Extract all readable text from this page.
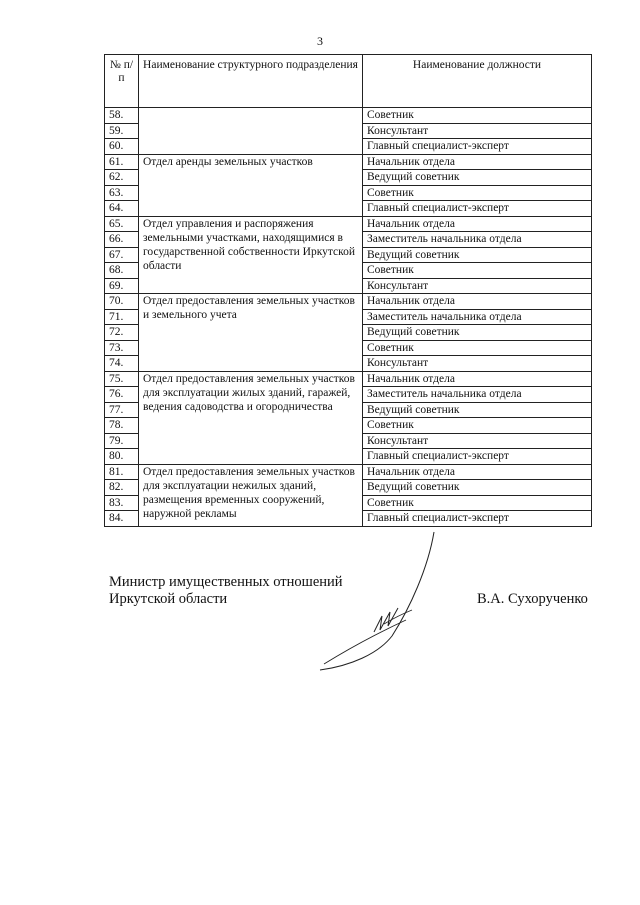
3
№ п/п	Наименование структурного подразделения	Наименование должности
58.		Советник
59.		Консультант
60.		Главный специалист-эксперт
61.	Отдел аренды земельных участков	Начальник отдела
62.		Ведущий советник
63.		Советник
64.		Главный специалист-эксперт
65.	Отдел управления и распоряжения земельными участками, находящимися в государственной собственности Иркутской области	Начальник отдела
66.		Заместитель начальника отдела
67.		Ведущий советник
68.		Советник
69.		Консультант
70.	Отдел предоставления земельных участков и земельного учета	Начальник отдела
71.		Заместитель начальника отдела
72.		Ведущий советник
73.		Советник
74.		Консультант
75.	Отдел предоставления земельных участков для эксплуатации жилых зданий, гаражей, ведения садоводства и огородничества	Начальник отдела
76.		Заместитель начальника отдела
77.		Ведущий советник
78.		Советник
79.		Консультант
80.		Главный специалист-эксперт
81.	Отдел предоставления земельных участков для эксплуатации нежилых зданий, размещения временных сооружений, наружной рекламы	Начальник отдела
82.		Ведущий советник
83.		Советник
84.		Главный специалист-эксперт
Министр имущественных отношений
Иркутской области	В.А. Сухорученко
